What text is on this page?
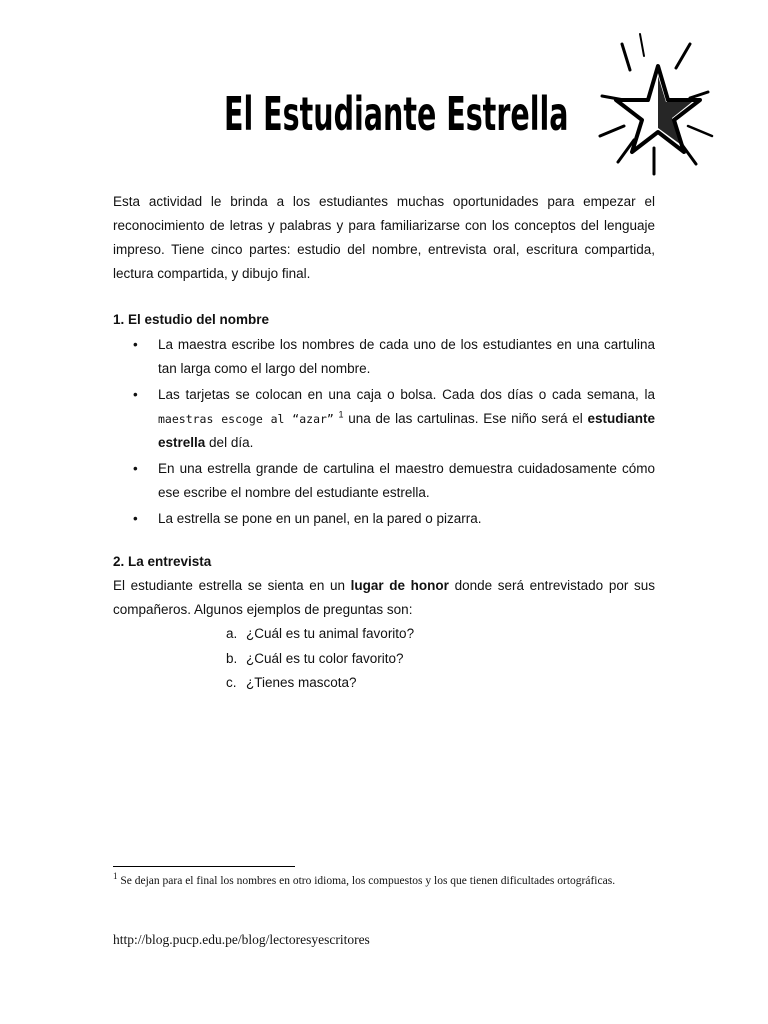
El Estudiante Estrella

Esta actividad le brinda a los estudiantes muchas oportunidades para empezar el reconocimiento de letras y palabras y para familiarizarse con los conceptos del lenguaje impreso. Tiene cinco partes: estudio del nombre, entrevista oral, escritura compartida, lectura compartida, y dibujo final.

1. El estudio del nombre
• La maestra escribe los nombres de cada uno de los estudiantes en una cartulina tan larga como el largo del nombre.
• Las tarjetas se colocan en una caja o bolsa. Cada dos días o cada semana, la maestras escoge al “azar” $^1$ una de las cartulinas. Ese niño será el estudiante estrella del día.
• En una estrella grande de cartulina el maestro demuestra cuidadosamente cómo ese escribe el nombre del estudiante estrella.
• La estrella se pone en un panel, en la pared o pizarra.
2. La entrevista

El estudiante estrella se sienta en un lugar de honor donde será entrevistado por sus compañeros. Algunos ejemplos de preguntas son:

a. ¿Cuál es tu animal favorito?
b. ¿Cuál es tu color favorito?
c. ¿Tienes mascota?
$^1$ Se dejan para el final los nombres en otro idioma, los compuestos y los que tienen dificultades ortográficas.
http://blog.pucp.edu.pe/blog/lectoresyescritores
